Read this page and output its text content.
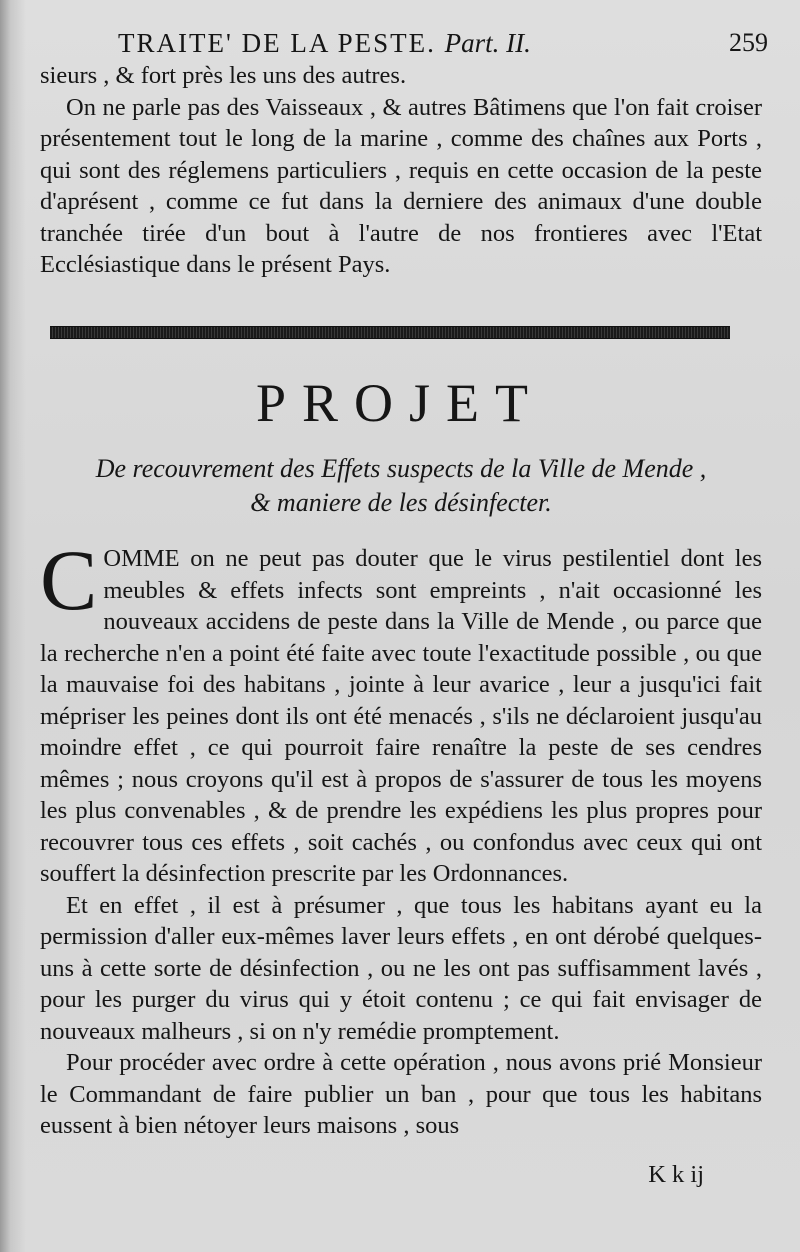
TRAITE' DE LA PESTE. Part. II.	259

sieurs , & fort près les uns des autres.

On ne parle pas des Vaisseaux , & autres Bâtimens que l'on fait croiser présentement tout le long de la marine , comme des chaînes aux Ports , qui sont des réglemens particuliers , requis en cette occasion de la peste d'aprésent , comme ce fut dans la derniere des animaux d'une double tranchée tirée d'un bout à l'autre de nos frontieres avec l'Etat Ecclésiastique dans le présent Pays.

PROJET
De recouvrement des Effets suspects de la Ville de Mende ,
& maniere de les désinfecter.

COMME on ne peut pas douter que le virus pestilentiel dont les meubles & effets infects sont empreints , n'ait occasionné les nouveaux accidens de peste dans la Ville de Mende , ou parce que la recherche n'en a point été faite avec toute l'exactitude possible , ou que la mauvaise foi des habitans , jointe à leur avarice , leur a jusqu'ici fait mépriser les peines dont ils ont été menacés , s'ils ne déclaroient jusqu'au moindre effet , ce qui pourroit faire renaître la peste de ses cendres mêmes ; nous croyons qu'il est à propos de s'assurer de tous les moyens les plus convenables , & de prendre les expédiens les plus propres pour recouvrer tous ces effets , soit cachés , ou confondus avec ceux qui ont souffert la désinfection prescrite par les Ordonnances.

Et en effet , il est à présumer , que tous les habitans ayant eu la permission d'aller eux-mêmes laver leurs effets , en ont dérobé quelques-uns à cette sorte de désinfection , ou ne les ont pas suffisamment lavés , pour les purger du virus qui y étoit contenu ; ce qui fait envisager de nouveaux malheurs , si on n'y remédie promptement.

Pour procéder avec ordre à cette opération , nous avons prié Monsieur le Commandant de faire publier un ban , pour que tous les habitans eussent à bien nétoyer leurs maisons , sous

K k ij
